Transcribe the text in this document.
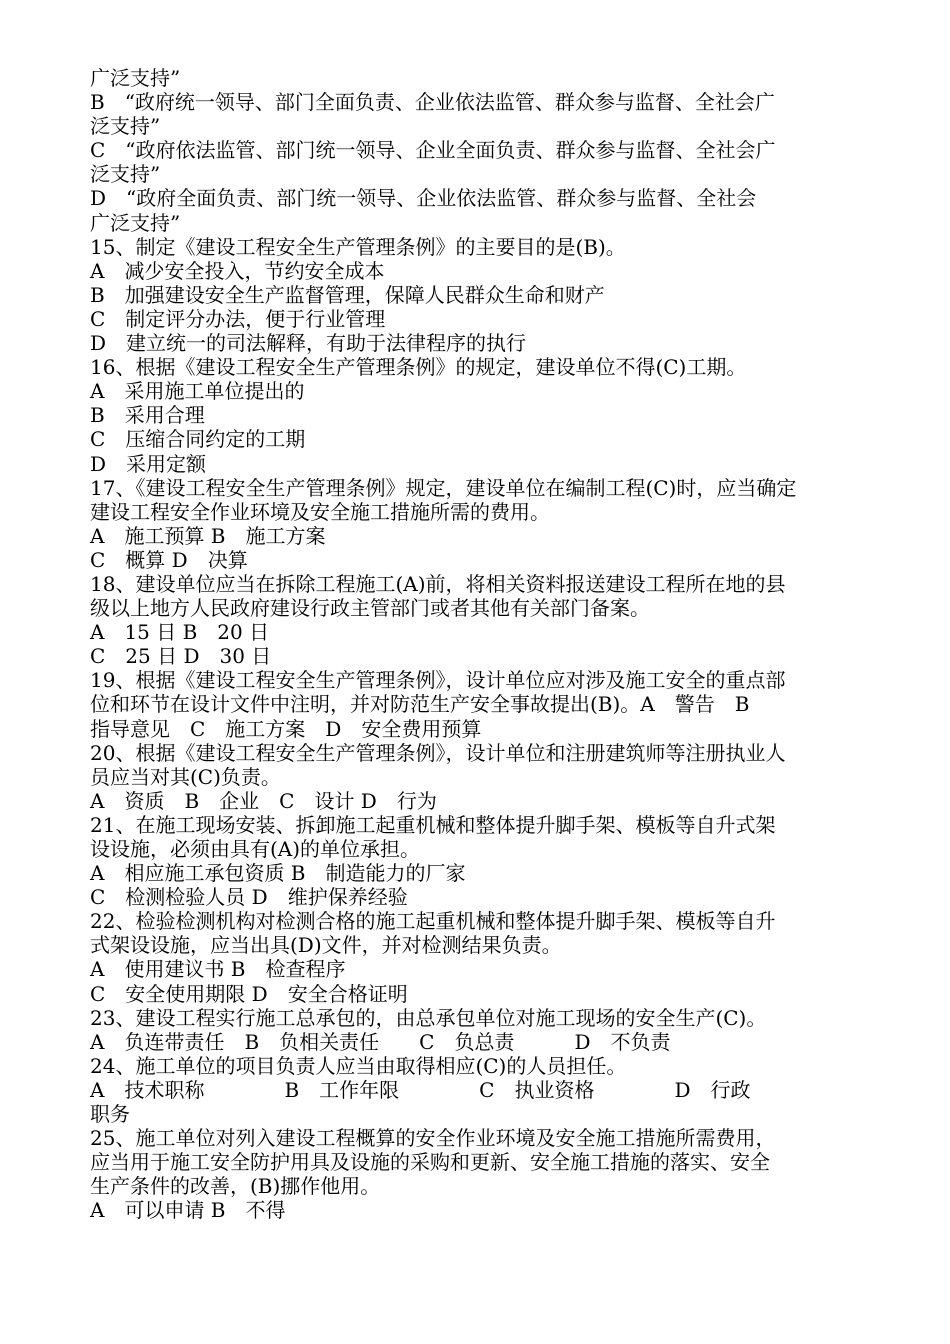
广泛支持”
B　“政府统一领导、部门全面负责、企业依法监管、群众参与监督、全社会广
泛支持”
C　“政府依法监管、部门统一领导、企业全面负责、群众参与监督、全社会广
泛支持”
D　“政府全面负责、部门统一领导、企业依法监管、群众参与监督、全社会
广泛支持”
15、制定《建设工程安全生产管理条例》的主要目的是(B)。
A　减少安全投入，节约安全成本
B　加强建设安全生产监督管理，保障人民群众生命和财产
C　制定评分办法，便于行业管理
D　建立统一的司法解释，有助于法律程序的执行
16、根据《建设工程安全生产管理条例》的规定，建设单位不得(C)工期。
A　采用施工单位提出的
B　采用合理
C　压缩合同约定的工期
D　采用定额
17、《建设工程安全生产管理条例》规定，建设单位在编制工程(C)时，应当确定
建设工程安全作业环境及安全施工措施所需的费用。
A　施工预算 B　施工方案
C　概算 D　决算
18、建设单位应当在拆除工程施工(A)前，将相关资料报送建设工程所在地的县
级以上地方人民政府建设行政主管部门或者其他有关部门备案。
A　15 日 B　20 日
C　25 日 D　30 日
19、根据《建设工程安全生产管理条例》，设计单位应对涉及施工安全的重点部
位和环节在设计文件中注明，并对防范生产安全事故提出(B)。A　警告　B
指导意见　C　施工方案　D　安全费用预算
20、根据《建设工程安全生产管理条例》，设计单位和注册建筑师等注册执业人
员应当对其(C)负责。
A　资质　B　企业　C　设计 D　行为
21、在施工现场安装、拆卸施工起重机械和整体提升脚手架、模板等自升式架
设设施，必须由具有(A)的单位承担。
A　相应施工承包资质 B　制造能力的厂家
C　检测检验人员 D　维护保养经验
22、检验检测机构对检测合格的施工起重机械和整体提升脚手架、模板等自升
式架设设施，应当出具(D)文件，并对检测结果负责。
A　使用建议书 B　检查程序
C　安全使用期限 D　安全合格证明
23、建设工程实行施工总承包的，由总承包单位对施工现场的安全生产(C)。
A　负连带责任　B　负相关责任　　C　负总责　　　D　不负责
24、施工单位的项目负责人应当由取得相应(C)的人员担任。
A　技术职称　　　　B　工作年限　　　　C　执业资格　　　　D　行政
职务
25、施工单位对列入建设工程概算的安全作业环境及安全施工措施所需费用，
应当用于施工安全防护用具及设施的采购和更新、安全施工措施的落实、安全
生产条件的改善，(B)挪作他用。
A　可以申请 B　不得
